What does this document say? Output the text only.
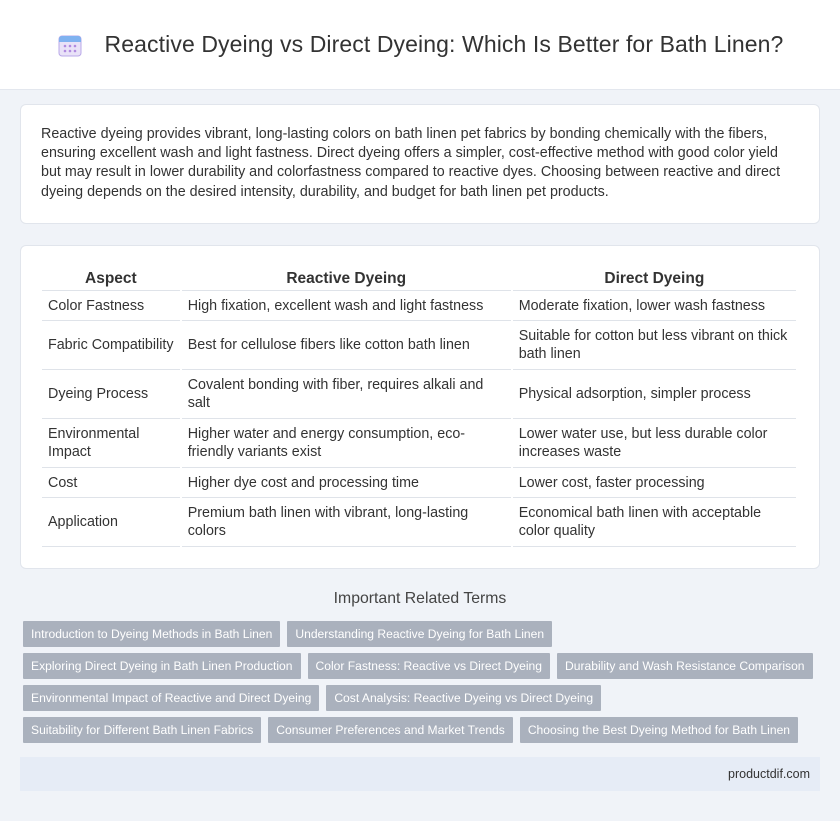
Reactive Dyeing vs Direct Dyeing: Which Is Better for Bath Linen?

Reactive dyeing provides vibrant, long-lasting colors on bath linen pet fabrics by bonding chemically with the fibers, ensuring excellent wash and light fastness. Direct dyeing offers a simpler, cost-effective method with good color yield but may result in lower durability and colorfastness compared to reactive dyes. Choosing between reactive and direct dyeing depends on the desired intensity, durability, and budget for bath linen pet products.

Aspect	Reactive Dyeing	Direct Dyeing
Color Fastness	High fixation, excellent wash and light fastness	Moderate fixation, lower wash fastness
Fabric Compatibility	Best for cellulose fibers like cotton bath linen	Suitable for cotton but less vibrant on thick bath linen
Dyeing Process	Covalent bonding with fiber, requires alkali and salt	Physical adsorption, simpler process
Environmental Impact	Higher water and energy consumption, eco-friendly variants exist	Lower water use, but less durable color increases waste
Cost	Higher dye cost and processing time	Lower cost, faster processing
Application	Premium bath linen with vibrant, long-lasting colors	Economical bath linen with acceptable color quality
Important Related Terms
Introduction to Dyeing Methods in Bath Linen	Understanding Reactive Dyeing for Bath Linen
Exploring Direct Dyeing in Bath Linen Production	Color Fastness: Reactive vs Direct Dyeing	Durability and Wash Resistance Comparison
Environmental Impact of Reactive and Direct Dyeing	Cost Analysis: Reactive Dyeing vs Direct Dyeing
Suitability for Different Bath Linen Fabrics	Consumer Preferences and Market Trends	Choosing the Best Dyeing Method for Bath Linen
productdif.com
